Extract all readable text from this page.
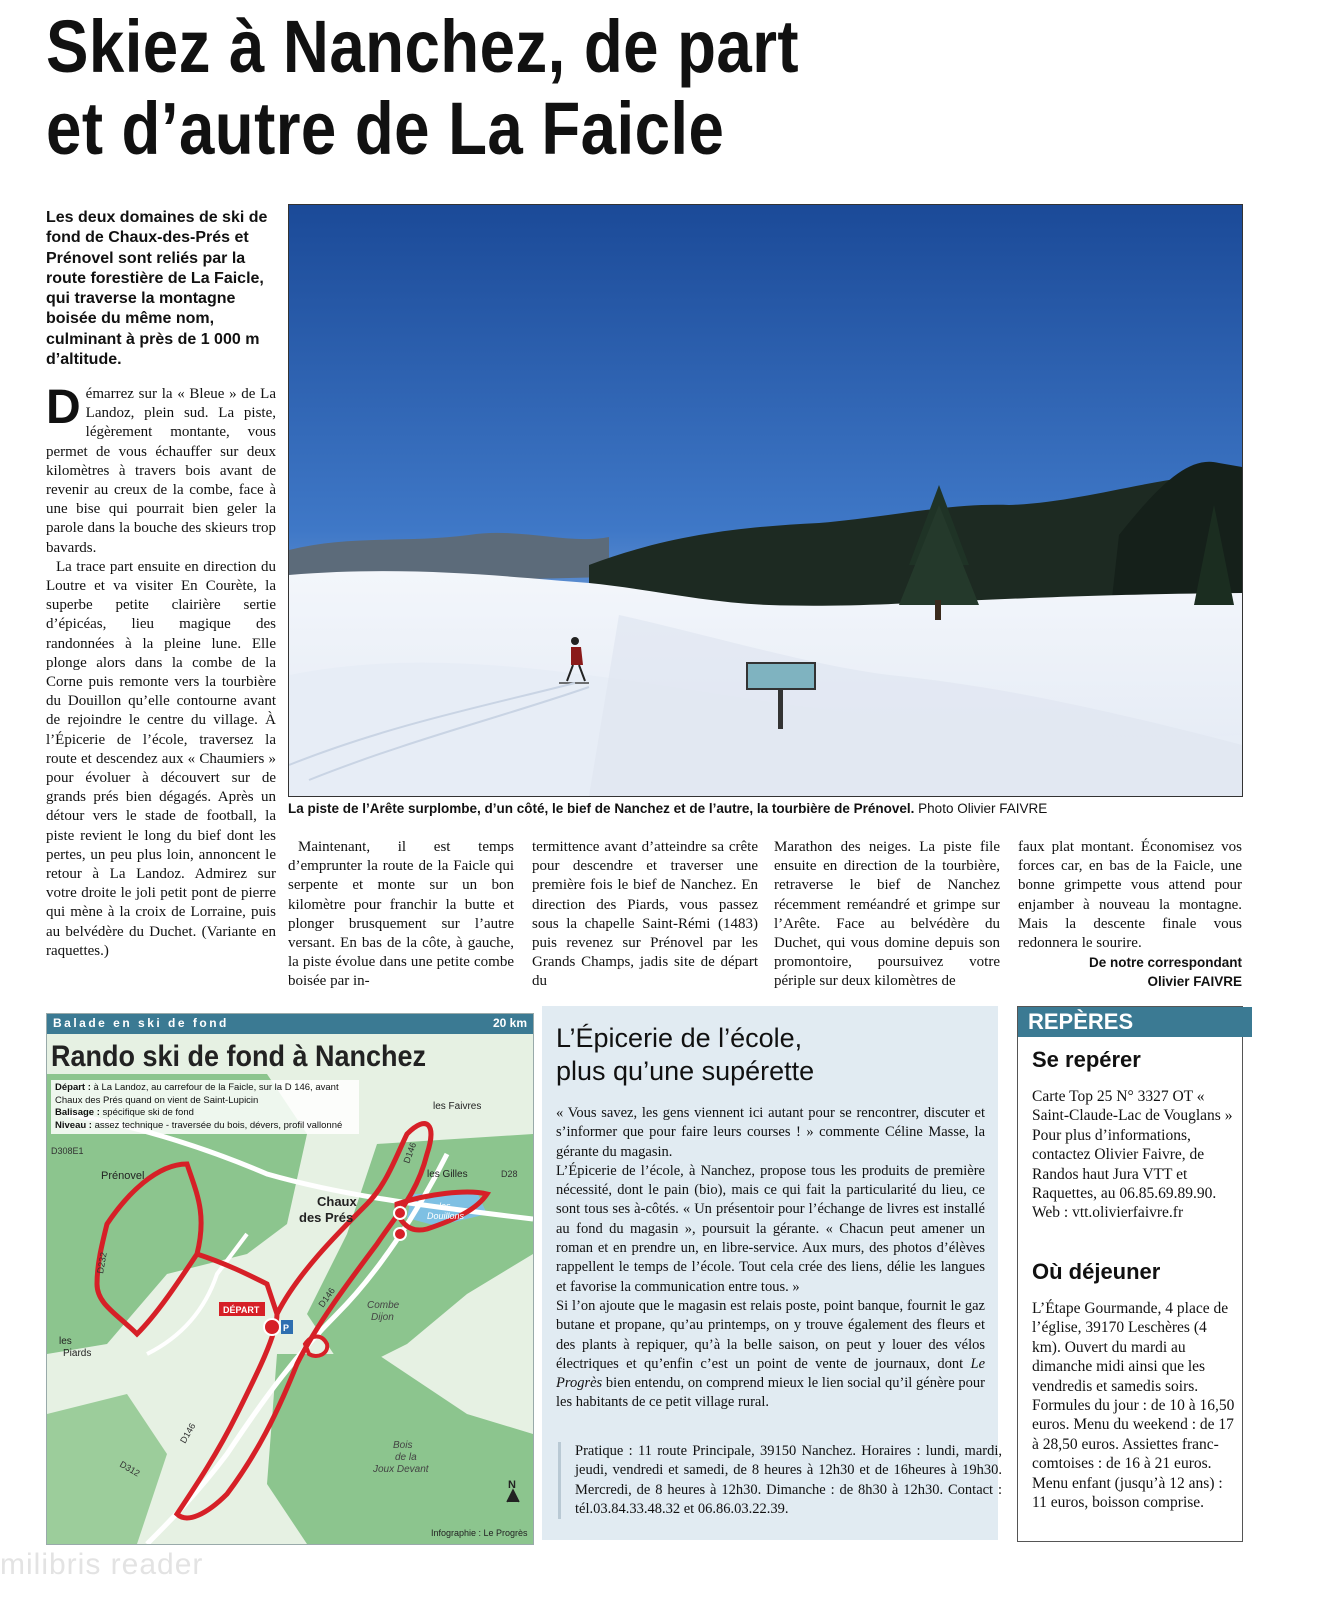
Skiez à Nanchez, de part
et d’autre de La Faicle
Les deux domaines de ski de fond de Chaux-des-Prés et Prénovel sont reliés par la route forestière de La Faicle, qui traverse la montagne boisée du même nom, culminant à près de 1 000 m d’altitude.

Démarrez sur la « Bleue » de La Landoz, plein sud. La piste, légèrement montante, vous permet de vous échauffer sur deux kilomètres à travers bois avant de revenir au creux de la combe, face à une bise qui pourrait bien geler la parole dans la bouche des skieurs trop bavards.

La trace part ensuite en direction du Loutre et va visiter En Courète, la superbe petite clairière sertie d’épicéas, lieu magique des randonnées à la pleine lune. Elle plonge alors dans la combe de la Corne puis remonte vers la tourbière du Douillon qu’elle contourne avant de rejoindre le centre du village. À l’Épicerie de l’école, traversez la route et descendez aux « Chaumiers » pour évoluer à découvert sur de grands prés bien dégagés. Après un détour vers le stade de football, la piste revient le long du bief dont les pertes, un peu plus loin, annoncent le retour à La Landoz. Admirez sur votre droite le joli petit pont de pierre qui mène à la croix de Lorraine, puis au belvédère du Duchet. (Variante en raquettes.)

La piste de l’Arête surplombe, d’un côté, le bief de Nanchez et de l’autre, la tourbière de Prénovel. Photo Olivier FAIVRE

Maintenant, il est temps d’emprunter la route de la Faicle qui serpente et monte sur un bon kilomètre pour franchir la butte et plonger brusquement sur l’autre versant. En bas de la côte, à gauche, la piste évolue dans une petite combe boisée par in-

termittence avant d’atteindre sa crête pour descendre et traverser une première fois le bief de Nanchez. En direction des Piards, vous passez sous la chapelle Saint-Rémi (1483) puis revenez sur Prénovel par les Grands Champs, jadis site de départ du

Marathon des neiges. La piste file ensuite en direction de la tourbière, retraverse le bief de Nanchez récemment reméandré et grimpe sur l’Arête. Face au belvédère du Duchet, qui vous domine depuis son promontoire, poursuivez votre périple sur deux kilomètres de

faux plat montant. Économisez vos forces car, en bas de la Faicle, une bonne grimpette vous attend pour enjamber à nouveau la montagne. Mais la descente finale vous redonnera le sourire.

De notre correspondant
Olivier FAIVRE
Prénovel
les Faivres
les Gilles
Chaux
des Prés
les
Douillons
Combe
Dijon
les
Piards
Bois
de la
Joux Devant
D308E1
D232
D146
D146
D146
D28
D312
DÉPART
P
N
Infographie : Le Progrès
Balade en ski de fond	20 km
Rando ski de fond à Nanchez
Départ : à La Landoz, au carrefour de la Faicle, sur la D 146, avant Chaux des Prés quand on vient de Saint-Lupicin
Balisage : spécifique ski de fond
Niveau : assez technique - traversée du bois, dévers, profil vallonné
L’Épicerie de l’école,
plus qu’une supérette

« Vous savez, les gens viennent ici autant pour se rencontrer, discuter et s’informer que pour faire leurs courses ! » commente Céline Masse, la gérante du magasin.

L’Épicerie de l’école, à Nanchez, propose tous les produits de première nécessité, dont le pain (bio), mais ce qui fait la particularité du lieu, ce sont tous ses à-côtés. « Un présentoir pour l’échange de livres est installé au fond du magasin », poursuit la gérante. « Chacun peut amener un roman et en prendre un, en libre-service. Aux murs, des photos d’élèves rappellent le temps de l’école. Tout cela crée des liens, délie les langues et favorise la communication entre tous. »

Si l’on ajoute que le magasin est relais poste, point banque, fournit le gaz butane et propane, qu’au printemps, on y trouve également des fleurs et des plants à repiquer, qu’à la belle saison, on peut y louer des vélos électriques et qu’enfin c’est un point de vente de journaux, dont Le Progrès bien entendu, on comprend mieux le lien social qu’il génère pour les habitants de ce petit village rural.

Pratique : 11 route Principale, 39150 Nanchez. Horaires : lundi, mardi, jeudi, vendredi et samedi, de 8 heures à 12h30 et de 16heures à 19h30. Mercredi, de 8 heures à 12h30. Dimanche : de 8h30 à 12h30. Contact : tél.03.84.33.48.32 et 06.86.03.22.39.
REPÈRES
Se repérer
Carte Top 25 N° 3327 OT « Saint-Claude-Lac de Vouglans » Pour plus d’informations, contactez Olivier Faivre, de Randos haut Jura VTT et Raquettes, au 06.85.69.89.90. Web : vtt.olivierfaivre.fr
Où déjeuner
L’Étape Gourmande, 4 place de l’église, 39170 Leschères (4 km). Ouvert du mardi au dimanche midi ainsi que les vendredis et samedis soirs. Formules du jour : de 10 à 16,50 euros. Menu du weekend : de 17 à 28,50 euros. Assiettes franc-comtoises : de 16 à 21 euros. Menu enfant (jusqu’à 12 ans) : 11 euros, boisson comprise.
milibris reader
